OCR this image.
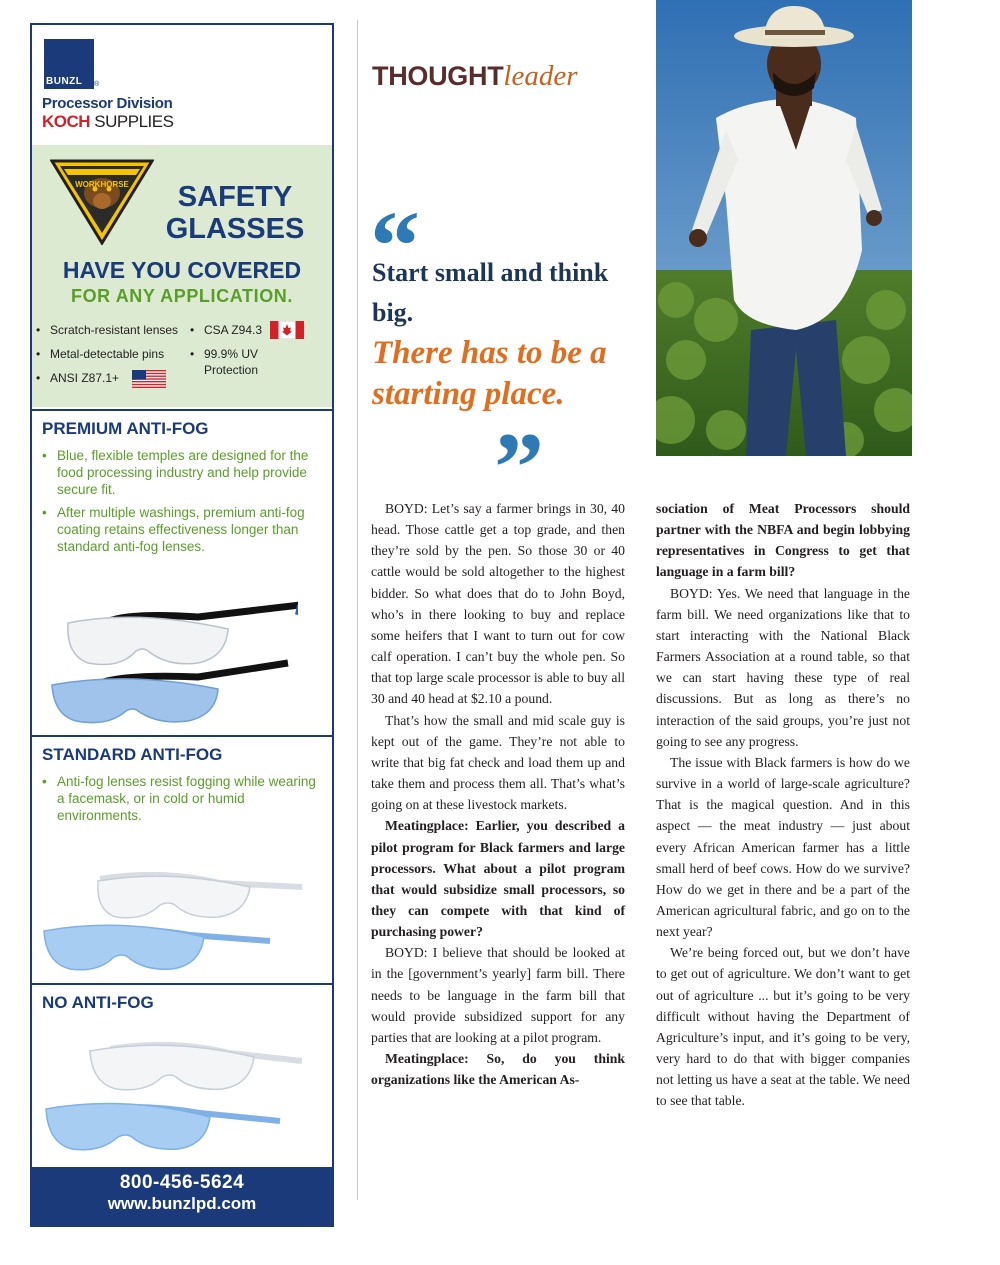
BUNZL ®
Processor Division
KOCH SUPPLIES
WORKHORSE	SAFETY GLASSES
HAVE YOU COVERED
FOR ANY APPLICATION.
• Scratch-resistant lenses
• Metal-detectable pins
• ANSI Z87.1+
• CSA Z94.3
• 99.9% UV Protection
PREMIUM ANTI-FOG
• Blue, flexible temples are designed for the food processing industry and help provide secure fit.
• After multiple washings, premium anti-fog coating retains effectiveness longer than standard anti-fog lenses.
STANDARD ANTI-FOG
• Anti-fog lenses resist fogging while wearing a facemask, or in cold or humid environments.
NO ANTI-FOG
800-456-5624
www.bunzlpd.com
THOUGHTleader
“
Start small and think big.
There has to be a starting place.
”

BOYD: Let’s say a farmer brings in 30, 40 head. Those cattle get a top grade, and then they’re sold by the pen. So those 30 or 40 cattle would be sold altogether to the highest bidder. So what does that do to John Boyd, who’s in there looking to buy and replace some heifers that I want to turn out for cow calf operation. I can’t buy the whole pen. So that top large scale processor is able to buy all 30 and 40 head at $2.10 a pound.

That’s how the small and mid scale guy is kept out of the game. They’re not able to write that big fat check and load them up and take them and process them all. That’s what’s going on at these livestock markets.

Meatingplace: Earlier, you described a pilot program for Black farmers and large processors. What about a pilot program that would subsidize small processors, so they can compete with that kind of purchasing power?

BOYD: I believe that should be looked at in the [government’s yearly] farm bill. There needs to be language in the farm bill that would provide subsidized support for any parties that are looking at a pilot program.

Meatingplace: So, do you think organizations like the American As-

sociation of Meat Processors should partner with the NBFA and begin lobbying representatives in Congress to get that language in a farm bill?

BOYD: Yes. We need that language in the farm bill. We need organizations like that to start interacting with the National Black Farmers Association at a round table, so that we can start having these type of real discussions. But as long as there’s no interaction of the said groups, you’re just not going to see any progress.

The issue with Black farmers is how do we survive in a world of large-scale agriculture? That is the magical question. And in this aspect — the meat industry — just about every African American farmer has a little small herd of beef cows. How do we survive? How do we get in there and be a part of the American agricultural fabric, and go on to the next year?

We’re being forced out, but we don’t have to get out of agriculture. We don’t want to get out of agriculture ... but it’s going to be very difficult without having the Department of Agriculture’s input, and it’s going to be very, very hard to do that with bigger companies not letting us have a seat at the table. We need to see that table.
